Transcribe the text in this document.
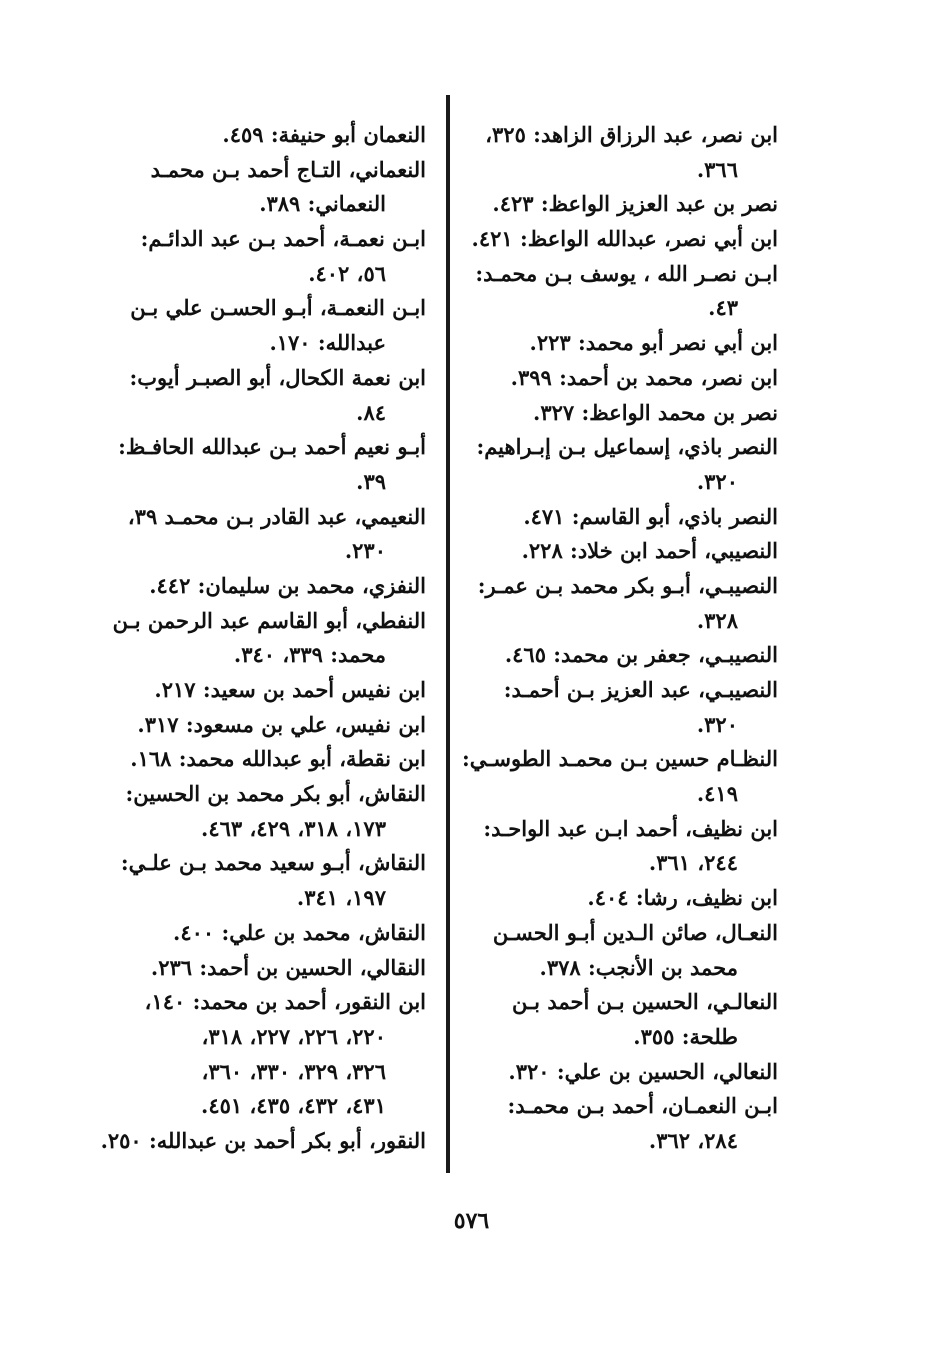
ابن نصر، عبد الرزاق الزاهد: ٣٢٥،
٣٦٦.
نصر بن عبد العزيز الواعظ: ٤٢٣.
ابن أبي نصر، عبدالله الواعظ: ٤٢١.
ابـن نصـر الله ، يوسف بـن محمـد:
٤٣.
ابن أبي نصر أبو محمد: ٢٢٣.
ابن نصر، محمد بن أحمد: ٣٩٩.
نصر بن محمد الواعظ: ٣٢٧.
النصر باذي، إسماعيل بـن إبـراهيم:
٣٢٠.
النصر باذي، أبو القاسم: ٤٧١.
النصيبي، أحمد ابن خلاد: ٢٢٨.
النصيبـي، أبـو بكر محمد بـن عمـر:
٣٢٨.
النصيبـي، جعفر بن محمد: ٤٦٥.
النصيبـي، عبد العزيز بـن أحمـد:
٣٢٠.
النظـام حسين بـن محمـد الطوسـي:
٤١٩.
ابن نظيف، أحمد ابـن عبد الواحـد:
٢٤٤، ٣٦١.
ابن نظيف، رشا: ٤٠٤.
النعـال، صائن الـدين أبـو الحسـن
محمد بن الأنجب: ٣٧٨.
النعالـي، الحسين بـن أحمد بـن
طلحة: ٣٥٥.
النعالي، الحسين بن علي: ٣٢٠.
ابـن النعمـان، أحمد بـن محمـد:
٢٨٤، ٣٦٢.
النعمان أبو حنيفة: ٤٥٩.
النعماني، التـاج أحمد بـن محمـد
النعماني: ٣٨٩.
ابـن نعمـة، أحمد بـن عبد الدائـم:
٥٦، ٤٠٢.
ابـن النعمـة، أبـو الحسـن علي بـن
عبدالله: ١٧٠.
ابن نعمة الكحال، أبو الصبـر أيوب:
٨٤.
أبـو نعيم أحمد بـن عبدالله الحافـظ:
٣٩.
النعيمي، عبد القادر بـن محمـد ٣٩،
٢٣٠.
النفزي، محمد بن سليمان: ٤٤٢.
النفطي، أبو القاسم عبد الرحمن بـن
محمد: ٣٣٩، ٣٤٠.
ابن نفيس أحمد بن سعيد: ٢١٧.
ابن نفيس، علي بن مسعود: ٣١٧.
ابن نقطة، أبو عبدالله محمد: ١٦٨.
النقاش، أبو بكر محمد بن الحسين:
١٧٣، ٣١٨، ٤٢٩، ٤٦٣.
النقاش، أبـو سعيد محمد بـن علـي:
١٩٧، ٣٤١.
النقاش، محمد بن علي: ٤٠٠.
النقالي، الحسين بن أحمد: ٢٣٦.
ابن النقور، أحمد بن محمد: ١٤٠،
٢٢٠، ٢٢٦، ٢٢٧، ٣١٨،
٣٢٦، ٣٢٩، ٣٣٠، ٣٦٠،
٤٣١، ٤٣٢، ٤٣٥، ٤٥١.
النقور، أبو بكر أحمد بن عبدالله: ٢٥٠.
٥٧٦
